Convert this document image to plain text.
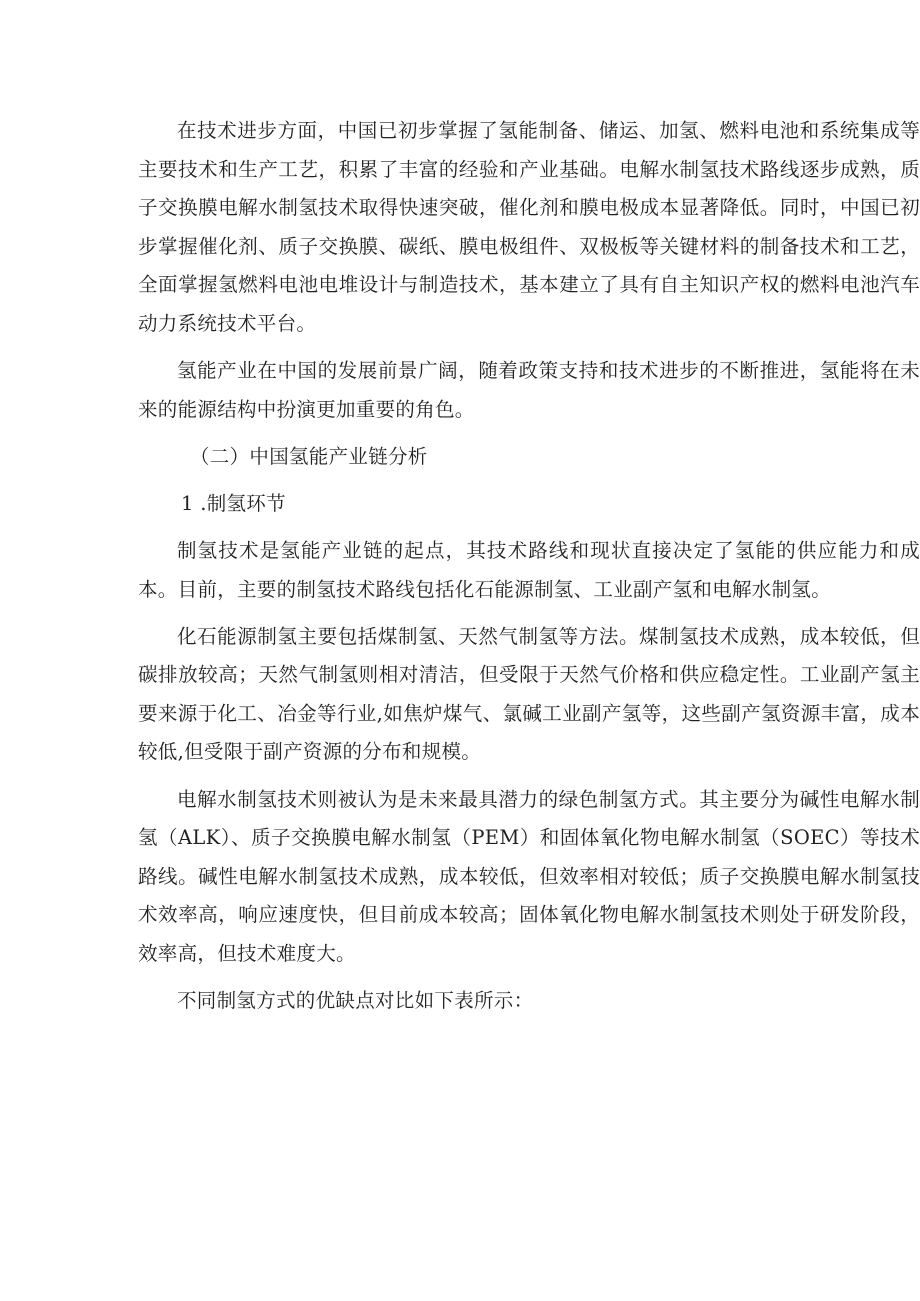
在技术进步方面，中国已初步掌握了氢能制备、储运、加氢、燃料电池和系统集成等主要技术和生产工艺，积累了丰富的经验和产业基础。电解水制氢技术路线逐步成熟，质子交换膜电解水制氢技术取得快速突破，催化剂和膜电极成本显著降低。同时，中国已初步掌握催化剂、质子交换膜、碳纸、膜电极组件、双极板等关键材料的制备技术和工艺，全面掌握氢燃料电池电堆设计与制造技术，基本建立了具有自主知识产权的燃料电池汽车动力系统技术平台。

氢能产业在中国的发展前景广阔，随着政策支持和技术进步的不断推进，氢能将在未来的能源结构中扮演更加重要的角色。

（二）中国氢能产业链分析

1 .制氢环节

制氢技术是氢能产业链的起点，其技术路线和现状直接决定了氢能的供应能力和成本。目前，主要的制氢技术路线包括化石能源制氢、工业副产氢和电解水制氢。

化石能源制氢主要包括煤制氢、天然气制氢等方法。煤制氢技术成熟，成本较低，但碳排放较高；天然气制氢则相对清洁，但受限于天然气价格和供应稳定性。工业副产氢主要来源于化工、冶金等行业,如焦炉煤气、氯碱工业副产氢等，这些副产氢资源丰富，成本较低,但受限于副产资源的分布和规模。

电解水制氢技术则被认为是未来最具潜力的绿色制氢方式。其主要分为碱性电解水制氢（ALK）、质子交换膜电解水制氢（PEM）和固体氧化物电解水制氢（SOEC）等技术路线。碱性电解水制氢技术成熟，成本较低，但效率相对较低；质子交换膜电解水制氢技术效率高，响应速度快，但目前成本较高；固体氧化物电解水制氢技术则处于研发阶段，效率高，但技术难度大。

不同制氢方式的优缺点对比如下表所示：
